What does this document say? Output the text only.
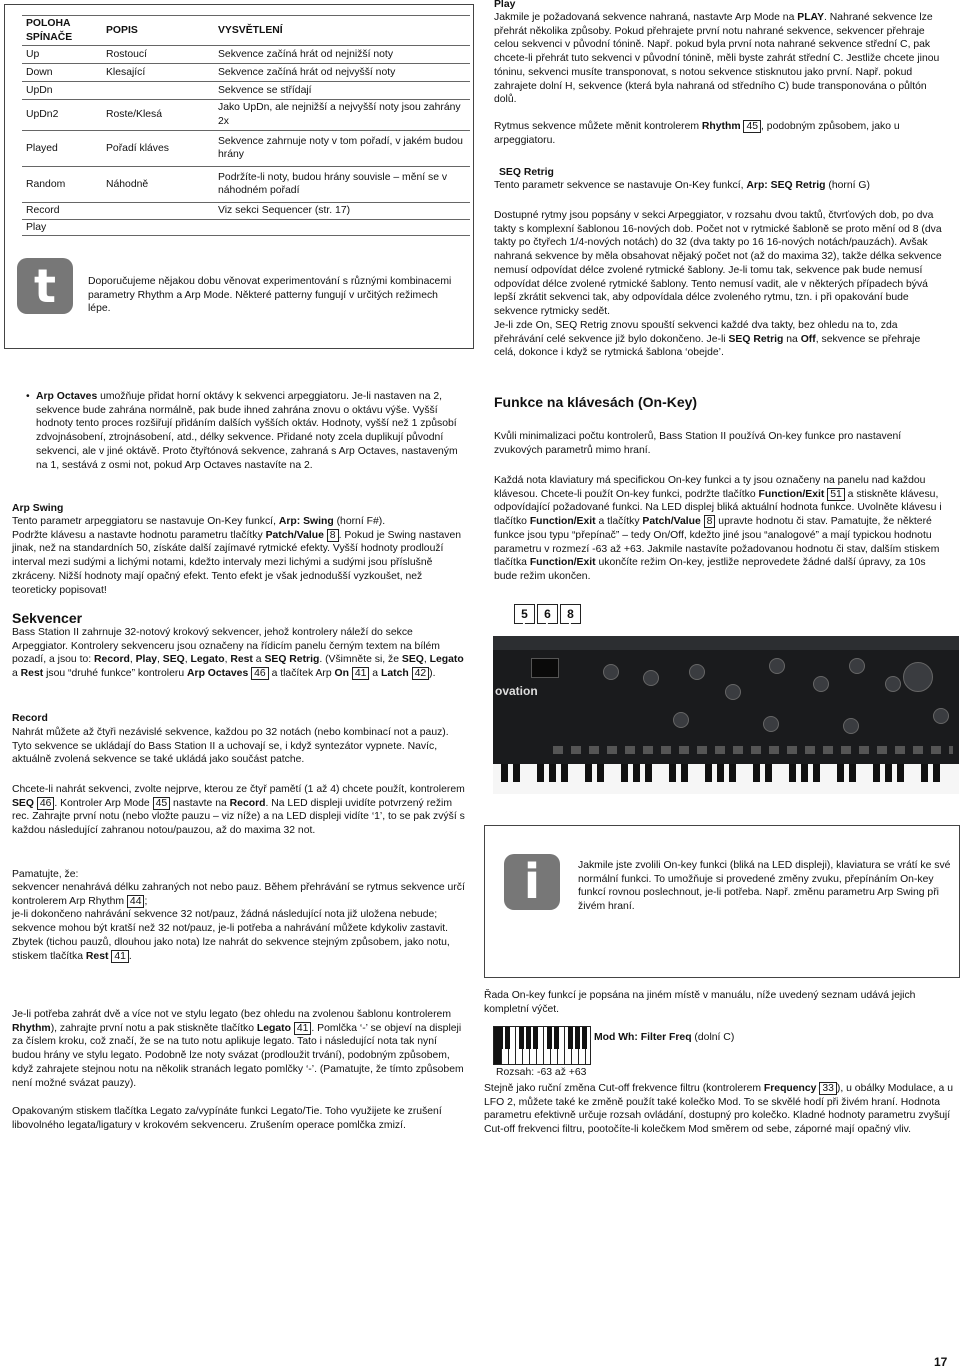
POLOHA SPÍNAČE	POPIS	VYSVĚTLENÍ
Up	Rostoucí	Sekvence začíná hrát od nejnižší noty
Down	Klesající	Sekvence začíná hrát od nejvyšší noty
UpDn		Sekvence se střídají
UpDn2	Roste/Klesá	Jako UpDn, ale nejnižší a nejvyšší noty jsou zahrány 2x
Played	Pořadí kláves	Sekvence zahrnuje noty v tom pořadí, v jakém budou hrány
Random	Náhodně	Podržíte-li noty, budou hrány souvisle – mění se v náhodném pořadí
Record		Viz sekci Sequencer (str. 17)
Play		
t	Doporučujeme nějakou dobu věnovat experimentování s různými kombinacemi parametry Rhythm a Arp Mode. Některé patterny fungují v určitých režimech lépe.

• Arp Octaves umožňuje přidat horní oktávy k sekvenci arpeggiatoru. Je-li nastaven na 2, sekvence bude zahrána normálně, pak bude ihned zahrána znovu o oktávu výše. Vyšší hodnoty tento proces rozšiřují přidáním dalších vyšších oktáv. Hodnoty, vyšší než 1 způsobí zdvojnásobení, ztrojnásobení, atd., délky sekvence. Přidané noty zcela duplikují původní sekvenci, ale v jiné oktávě. Proto čtyřtónová sekvence, zahraná s Arp Octaves, nastaveným na 1, sestává z osmi not, pokud Arp Octaves nastavíte na 2.

Arp Swing

Tento parametr arpeggiatoru se nastavuje On-Key funkcí, Arp: Swing (horní F#).
Podržte klávesu a nastavte hodnotu parametru tlačítky Patch/Value 8 . Pokud je Swing nastaven jinak, než na standardních 50, získáte další zajímavé rytmické efekty. Vyšší hodnoty prodlouží interval mezi sudými a lichými notami, kdežto intervaly mezi lichými a sudými jsou příslušně zkráceny. Nižší hodnoty mají opačný efekt. Tento efekt je však jednodušší vyzkoušet, než teoreticky popisovat!

Sekvencer

Bass Station II zahrnuje 32-notový krokový sekvencer, jehož kontrolery náleží do sekce Arpeggiator. Kontrolery sekvenceru jsou označeny na řídicím panelu černým textem na bílém pozadí, a jsou to: Record, Play, SEQ, Legato, Rest a SEQ Retrig. (Všimněte si, že SEQ, Legato a Rest jsou “druhé funkce” kontroleru Arp Octaves 46 a tlačítek Arp On 41 a Latch 42 ).

Record

Nahrát můžete až čtyři nezávislé sekvence, každou po 32 notách (nebo kombinací not a pauz). Tyto sekvence se ukládají do Bass Station II a uchovají se, i když syntezátor vypnete. Navíc, aktuálně zvolená sekvence se také ukládá jako součást patche.

Chcete-li nahrát sekvenci, zvolte nejprve, kterou ze čtyř pamětí (1 až 4) chcete použít, kontrolerem SEQ 46 . Kontroler Arp Mode 45 nastavte na Record. Na LED displeji uvidíte potvrzený režim rec. Zahrajte první notu (nebo vložte pauzu – viz níže) a na LED displeji vidíte ‘1’, to se pak zvýší s každou následující zahranou notou/pauzou, až do maxima 32 not.

Pamatujte, že:

sekvencer nenahrává délku zahraných not nebo pauz. Během přehrávání se rytmus sekvence určí kontrolerem Arp Rhythm 44 ;
je-li dokončeno nahrávání sekvence 32 not/pauz, žádná následující nota již uložena nebude;
sekvence mohou být kratší než 32 not/pauz, je-li potřeba a nahrávání můžete kdykoliv zastavit. Zbytek (tichou pauzů, dlouhou jako nota) lze nahrát do sekvence stejným způsobem, jako notu, stiskem tlačítka Rest 41 .

Je-li potřeba zahrát dvě a více not ve stylu legato (bez ohledu na zvolenou šablonu kontrolerem Rhythm), zahrajte první notu a pak stiskněte tlačítko Legato 41 . Pomlčka ‘-’ se objeví na displeji za číslem kroku, což značí, že se na tuto notu aplikuje legato. Tato i následující nota tak nyní budou hrány ve stylu legato. Podobně lze noty svázat (prodloužit trvání), podobným způsobem, když zahrajete stejnou notu na několik stranách legato pomlčky ‘-’. (Pamatujte, že tímto způsobem není možné svázat pauzy).

Opakovaným stiskem tlačítka Legato za/vypínáte funkci Legato/Tie. Toho využijete ke zrušení libovolného legata/ligatury v krokovém sekvenceru. Zrušením operace pomlčka zmizí.

Play

Jakmile je požadovaná sekvence nahraná, nastavte Arp Mode na PLAY. Nahrané sekvence lze přehrát několika způsoby. Pokud přehrajete první notu nahrané sekvence, sekvencer přehraje celou sekvenci v původní tónině. Např. pokud byla první nota nahrané sekvence střední C, pak chcete-li přehrát tuto sekvenci v původní tónině, měli byste zahrát střední C. Jestliže chcete jinou tóninu, sekvenci musíte transponovat, s notou sekvence stisknutou jako první. Např. pokud zahrajete dolní H, sekvence (která byla nahraná od středního C) bude transponována o půltón dolů.

Rytmus sekvence můžete měnit kontrolerem Rhythm 45 , podobným způsobem, jako u arpeggiatoru.

SEQ Retrig

Tento parametr sekvence se nastavuje On-Key funkcí, Arp: SEQ Retrig (horní G)

Dostupné rytmy jsou popsány v sekci Arpeggiator, v rozsahu dvou taktů, čtvrťových dob, po dva takty s komplexní šablonou 16-nových dob. Počet not v rytmické šabloně se proto mění od 8 (dva takty po čtyřech 1/4-nových notách) do 32 (dva takty po 16 16-nových notách/pauzách). Avšak nahraná sekvence by měla obsahovat nějaký počet not (až do maxima 32), takže délka sekvence nemusí odpovídat délce zvolené rytmické šablony. Je-li tomu tak, sekvence pak bude nemusí odpovídat délce zvolené rytmické šablony. Tento nemusí vadit, ale v některých případech bývá lepší zkrátit sekvenci tak, aby odpovídala délce zvoleného rytmu, tzn. i při opakování bude sekvence rytmicky sedět.

Je-li zde On, SEQ Retrig znovu spouští sekvenci každé dva takty, bez ohledu na to, zda přehrávání celé sekvence již bylo dokončeno. Je-li SEQ Retrig na Off, sekvence se přehraje celá, dokonce i když se rytmická šablona ‘obejde’.

Funkce na klávesách (On-Key)

Kvůli minimalizaci počtu kontrolerů, Bass Station II používá On-key funkce pro nastavení zvukových parametrů mimo hraní.

Každá nota klaviatury má specifickou On-key funkci a ty jsou označeny na panelu nad každou klávesou. Chcete-li použít On-key funkci, podržte tlačítko Function/Exit 51 a stiskněte klávesu, odpovídající požadované funkci. Na LED displej bliká aktuální hodnota funkce. Uvolněte klávesu i tlačítko Function/Exit a tlačítky Patch/Value 8 upravte hodnotu či stav. Pamatujte, že některé funkce jsou typu “přepínač” – tedy On/Off, kdežto jiné jsou “analogové” a mají typickou hodnotu parametru v rozmezí -63 až +63. Jakmile nastavíte požadovanou hodnotu či stav, dalším stiskem tlačítka Function/Exit ukončíte režim On-key, jestliže neprovedete žádné další úpravy, za 10s bude režim ukončen.

5	6	8
ovation
i	Jakmile jste zvolili On-key funkci (bliká na LED displeji), klaviatura se vrátí ke své normální funkci. To umožňuje si provedené změny zvuku, přepínáním On-key funkcí rovnou poslechnout, je-li potřeba. Např. změnu parametru Arp Swing při živém hraní.

Řada On-key funkcí je popsána na jiném místě v manuálu, níže uvedený seznam udává jejich kompletní výčet.

Mod Wh: Filter Freq (dolní C)

Rozsah: -63 až +63

Stejně jako ruční změna Cut-off frekvence filtru (kontrolerem Frequency 33 ), u obálky Modulace, a u LFO 2, můžete také ke změně použít také kolečko Mod. To se skvělé hodí při živém hraní. Hodnota parametru efektivně určuje rozsah ovládání, dostupný pro kolečko. Kladné hodnoty parametru zvyšují Cut-off frekvenci filtru, pootočíte-li kolečkem Mod směrem od sebe, záporné mají opačný vliv.

17
